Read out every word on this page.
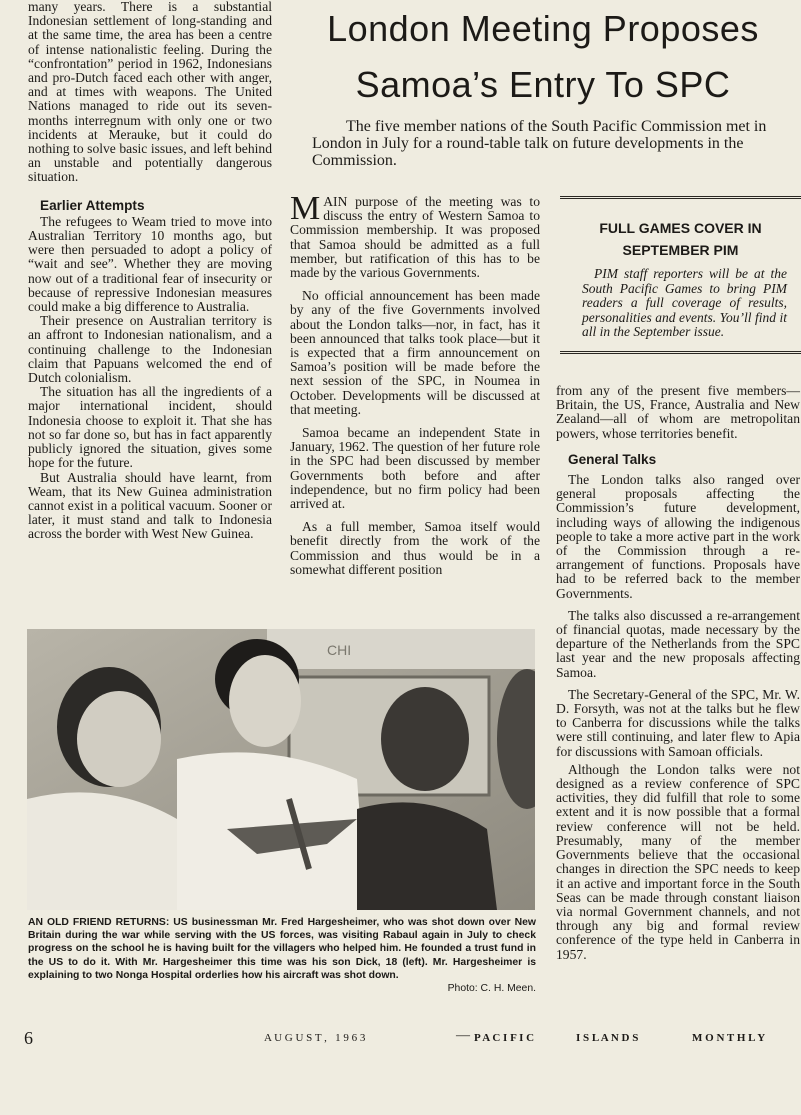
many years. There is a substantial Indonesian settlement of long-standing and at the same time, the area has been a centre of intense nationalistic feeling. During the “confrontation” period in 1962, Indonesians and pro-Dutch faced each other with anger, and at times with weapons. The United Nations managed to ride out its seven-months interregnum with only one or two incidents at Merauke, but it could do nothing to solve basic issues, and left behind an unstable and potentially dangerous situation.

Earlier Attempts

The refugees to Weam tried to move into Australian Territory 10 months ago, but were then persuaded to adopt a policy of “wait and see”. Whether they are moving now out of a traditional fear of insecurity or because of repressive Indonesian measures could make a big difference to Australia.

Their presence on Australian territory is an affront to Indonesian nationalism, and a continuing challenge to the Indonesian claim that Papuans welcomed the end of Dutch colonialism.

The situation has all the ingredients of a major international incident, should Indonesia choose to exploit it. That she has not so far done so, but has in fact apparently publicly ignored the situation, gives some hope for the future.

But Australia should have learnt, from Weam, that its New Guinea administration cannot exist in a political vacuum. Sooner or later, it must stand and talk to Indonesia across the border with West New Guinea.

London Meeting Proposes
Samoa’s Entry To SPC

The five member nations of the South Pacific Commission met in London in July for a round-table talk on future developments in the Commission.

MAIN purpose of the meeting was to discuss the entry of Western Samoa to Commission membership. It was proposed that Samoa should be admitted as a full member, but ratification of this has to be made by the various Governments.

No official announcement has been made by any of the five Governments involved about the London talks—nor, in fact, has it been announced that talks took place—but it is expected that a firm announcement on Samoa’s position will be made before the next session of the SPC, in Noumea in October. Developments will be discussed at that meeting.

Samoa became an independent State in January, 1962. The question of her future role in the SPC had been discussed by member Governments both before and after independence, but no firm policy had been arrived at.

As a full member, Samoa itself would benefit directly from the work of the Commission and thus would be in a somewhat different position

FULL GAMES COVER IN
SEPTEMBER PIM
PIM staff reporters will be at the South Pacific Games to bring PIM readers a full coverage of results, personalities and events. You’ll find it all in the September issue.

from any of the present five members—Britain, the US, France, Australia and New Zealand—all of whom are metropolitan powers, whose territories benefit.

General Talks

The London talks also ranged over general proposals affecting the Commission’s future development, including ways of allowing the indigenous people to take a more active part in the work of the Commission through a re-arrangement of functions. Proposals have had to be referred back to the member Governments.

The talks also discussed a re-arrangement of financial quotas, made necessary by the departure of the Netherlands from the SPC last year and the new proposals affecting Samoa.

The Secretary-General of the SPC, Mr. W. D. Forsyth, was not at the talks but he flew to Canberra for discussions while the talks were still continuing, and later flew to Apia for discussions with Samoan officials.

Although the London talks were not designed as a review conference of SPC activities, they did fulfill that role to some extent and it is now possible that a formal review conference will not be held. Presumably, many of the member Governments believe that the occasional changes in direction the SPC needs to keep it an active and important force in the South Seas can be made through constant liaison via normal Government channels, and not through any big and formal review conference of the type held in Canberra in 1957.

CHI
AN OLD FRIEND RETURNS: US businessman Mr. Fred Hargesheimer, who was shot down over New Britain during the war while serving with the US forces, was visiting Rabaul again in July to check progress on the school he is having built for the villagers who helped him. He founded a trust fund in the US to do it. With Mr. Hargesheimer this time was his son Dick, 18 (left). Mr. Hargesheimer is explaining to two Nonga Hospital orderlies how his aircraft was shot down.
Photo: C. H. Meen.
6	A U G U S T ,   1 9 6 3	— P A C I F I C	I S L A N D S	M O N T H L Y
